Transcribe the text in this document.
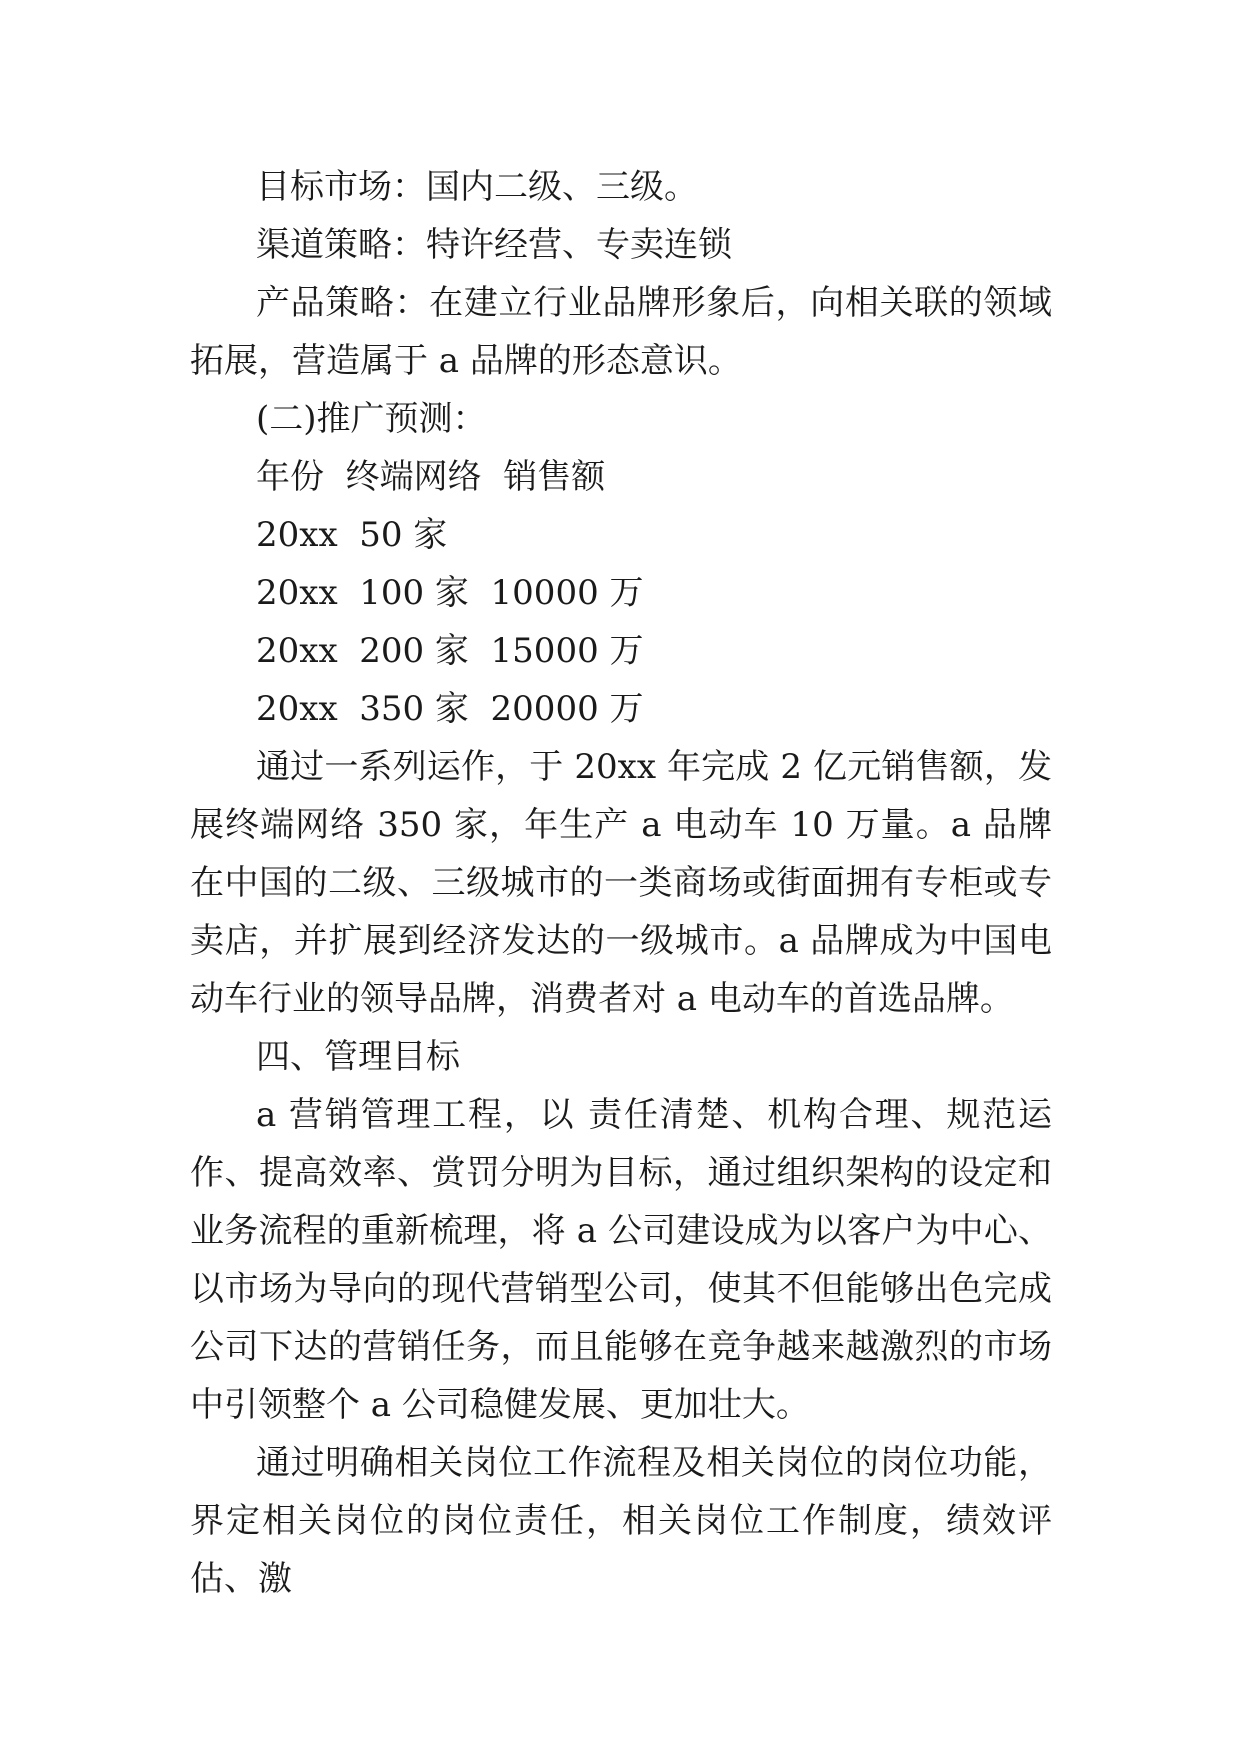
目标市场：国内二级、三级。

渠道策略：特许经营、专卖连锁

产品策略：在建立行业品牌形象后，向相关联的领域拓展，营造属于 a 品牌的形态意识。

(二)推广预测：

年份  终端网络  销售额

20xx  50 家

20xx  100 家  10000 万

20xx  200 家  15000 万

20xx  350 家  20000 万

通过一系列运作，于 20xx 年完成 2 亿元销售额，发展终端网络 350 家，年生产 a 电动车 10 万量。a 品牌在中国的二级、三级城市的一类商场或街面拥有专柜或专卖店，并扩展到经济发达的一级城市。a 品牌成为中国电动车行业的领导品牌，消费者对 a 电动车的首选品牌。

四、管理目标

a 营销管理工程，以 责任清楚、机构合理、规范运作、提高效率、赏罚分明为目标，通过组织架构的设定和业务流程的重新梳理，将 a 公司建设成为以客户为中心、以市场为导向的现代营销型公司，使其不但能够出色完成公司下达的营销任务，而且能够在竞争越来越激烈的市场中引领整个 a 公司稳健发展、更加壮大。

通过明确相关岗位工作流程及相关岗位的岗位功能，界定相关岗位的岗位责任，相关岗位工作制度，绩效评估、激
